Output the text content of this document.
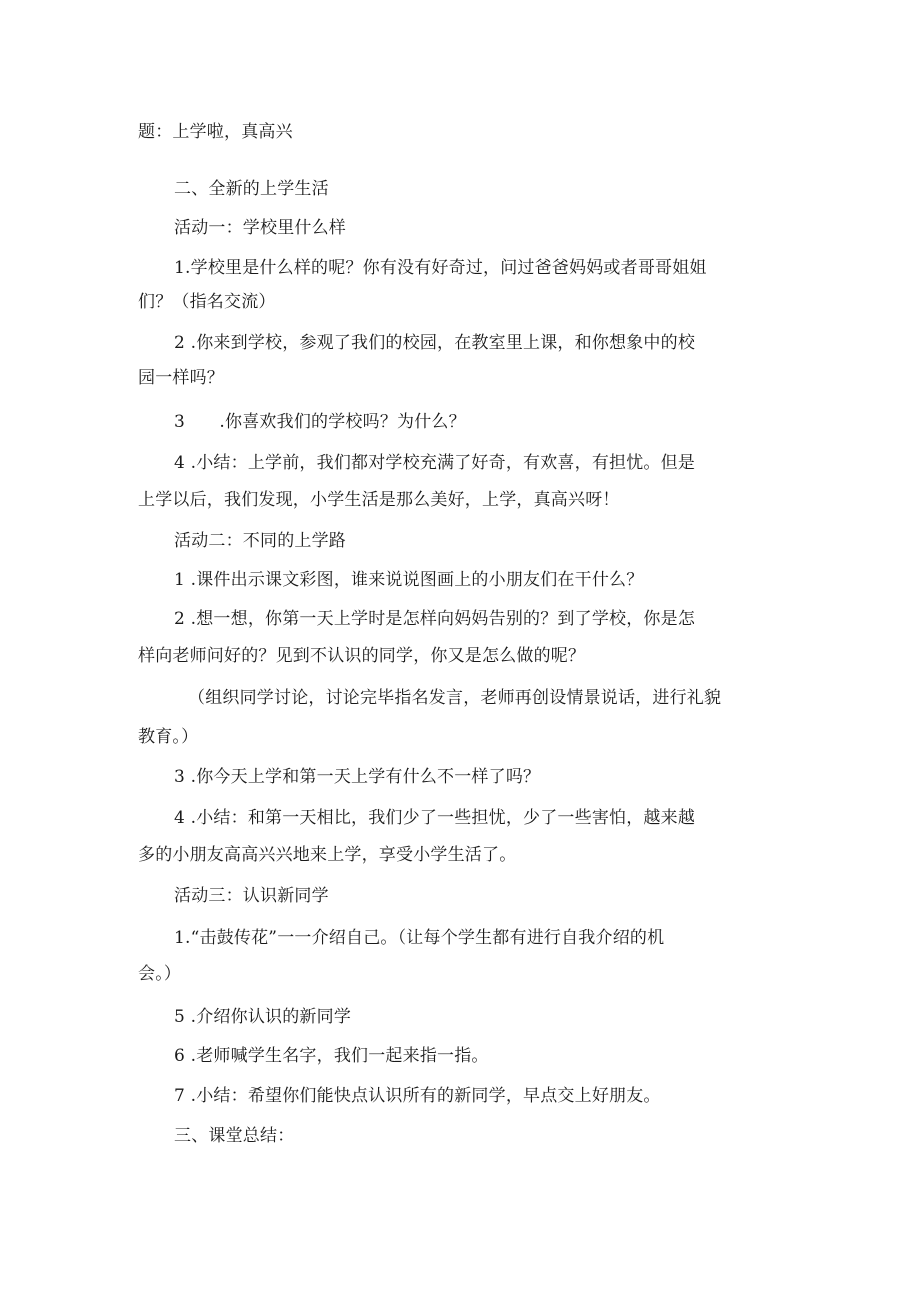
题：上学啦，真高兴
二、全新的上学生活
活动一：学校里什么样
1.学校里是什么样的呢？你有没有好奇过，问过爸爸妈妈或者哥哥姐姐
们？（指名交流）
2 .你来到学校，参观了我们的校园，在教室里上课，和你想象中的校
园一样吗？
3　　.你喜欢我们的学校吗？为什么？
4 .小结：上学前，我们都对学校充满了好奇，有欢喜，有担忧。但是
上学以后，我们发现，小学生活是那么美好，上学，真高兴呀！
活动二：不同的上学路
1 .课件出示课文彩图，谁来说说图画上的小朋友们在干什么？
2 .想一想，你第一天上学时是怎样向妈妈告别的？到了学校，你是怎
样向老师问好的？见到不认识的同学，你又是怎么做的呢？
（组织同学讨论，讨论完毕指名发言，老师再创设情景说话，进行礼貌
教育。）
3 .你今天上学和第一天上学有什么不一样了吗？
4 .小结：和第一天相比，我们少了一些担忧，少了一些害怕，越来越
多的小朋友高高兴兴地来上学，享受小学生活了。
活动三：认识新同学
1.“击鼓传花”一一介绍自己。（让每个学生都有进行自我介绍的机
会。）
5 .介绍你认识的新同学
6 .老师喊学生名字，我们一起来指一指。
7 .小结：希望你们能快点认识所有的新同学，早点交上好朋友。
三、课堂总结：
